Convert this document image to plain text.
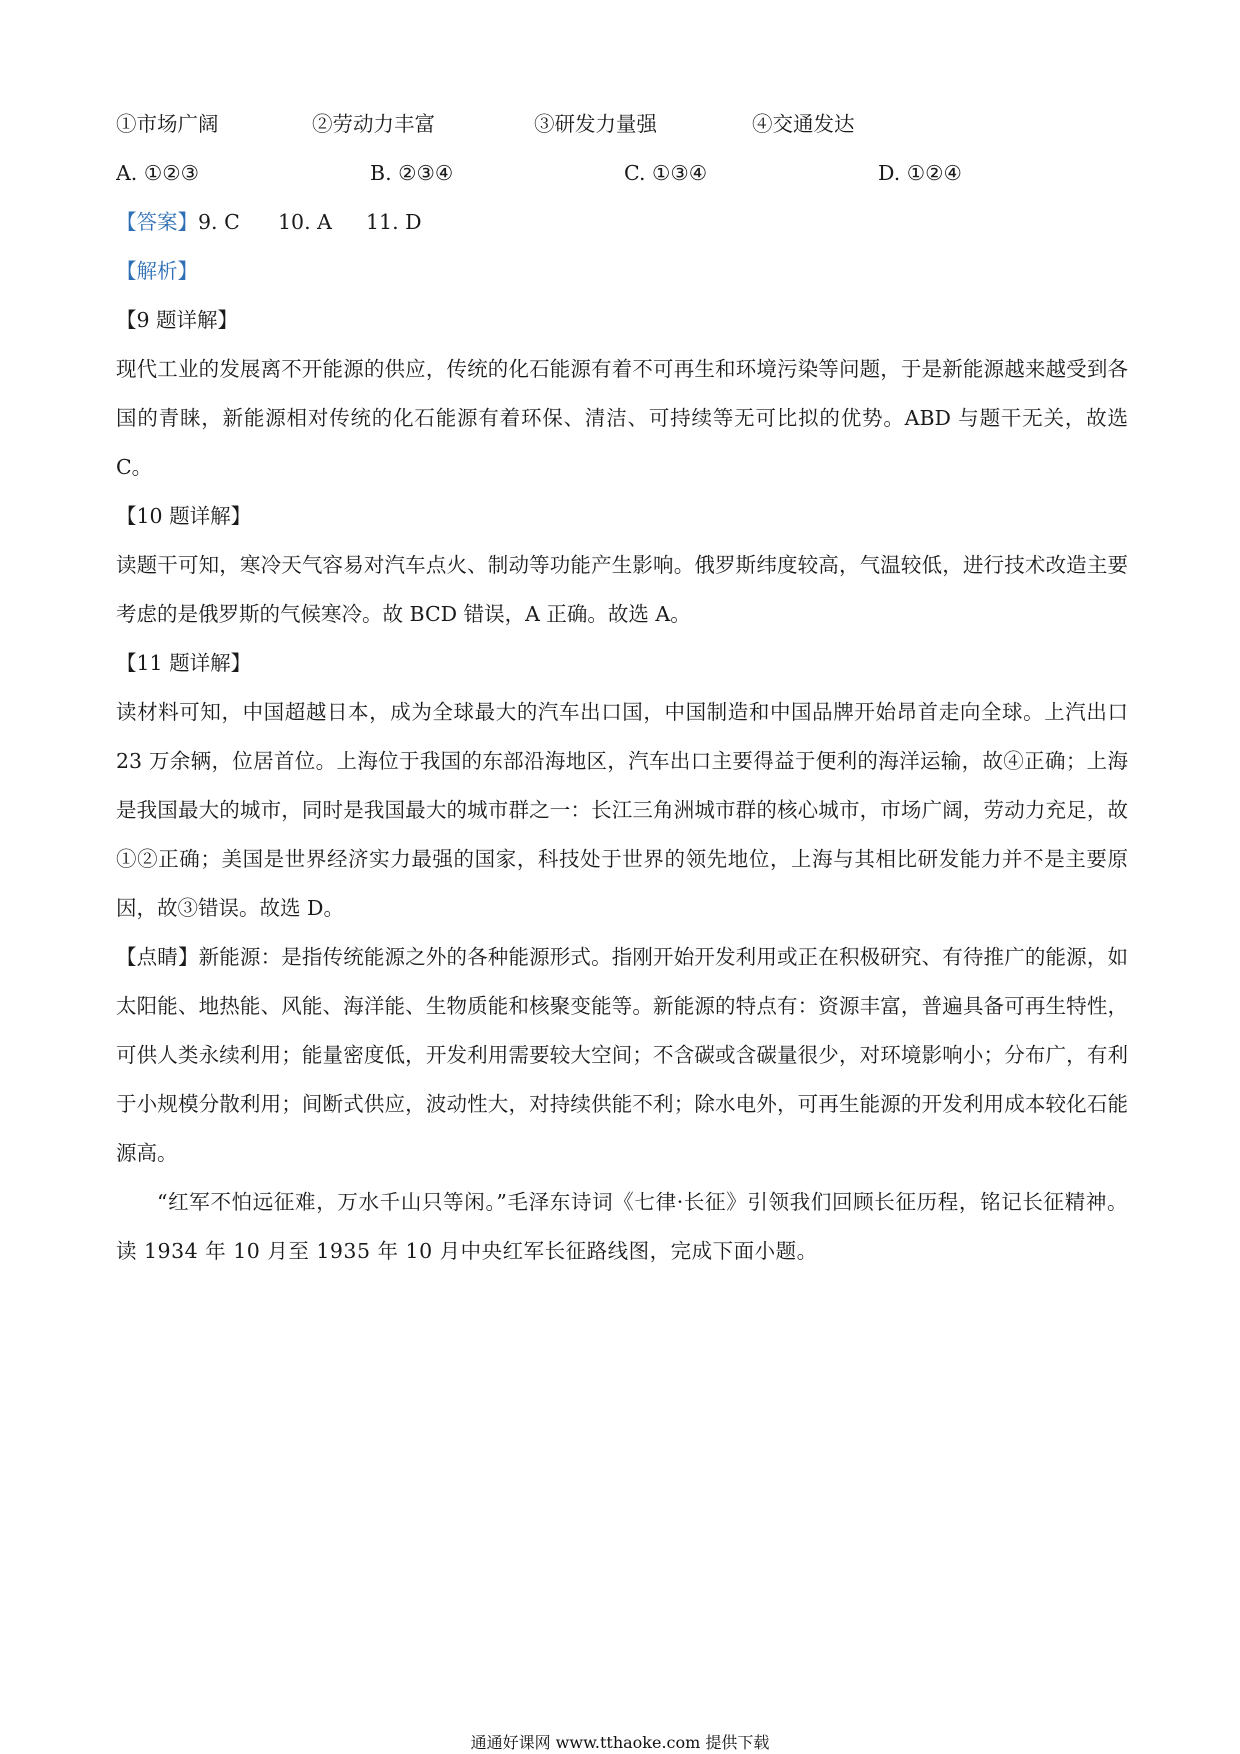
①市场广阔	②劳动力丰富	③研发力量强	④交通发达
A. ①②③	B. ②③④	C. ①③④	D. ①②④
【答案】9. C 10. A 11. D
【解析】
【9 题详解】

现代工业的发展离不开能源的供应，传统的化石能源有着不可再生和环境污染等问题，于是新能源越来越受到各国的青睐，新能源相对传统的化石能源有着环保、清洁、可持续等无可比拟的优势。ABD 与题干无关，故选 C。

【10 题详解】

读题干可知，寒冷天气容易对汽车点火、制动等功能产生影响。俄罗斯纬度较高，气温较低，进行技术改造主要考虑的是俄罗斯的气候寒冷。故 BCD 错误，A 正确。故选 A。

【11 题详解】

读材料可知，中国超越日本，成为全球最大的汽车出口国，中国制造和中国品牌开始昂首走向全球。上汽出口 23 万余辆，位居首位。上海位于我国的东部沿海地区，汽车出口主要得益于便利的海洋运输，故④正确；上海是我国最大的城市，同时是我国最大的城市群之一：长江三角洲城市群的核心城市，市场广阔，劳动力充足，故①②正确；美国是世界经济实力最强的国家，科技处于世界的领先地位，上海与其相比研发能力并不是主要原因，故③错误。故选 D。

【点睛】新能源：是指传统能源之外的各种能源形式。指刚开始开发利用或正在积极研究、有待推广的能源，如太阳能、地热能、风能、海洋能、生物质能和核聚变能等。新能源的特点有：资源丰富，普遍具备可再生特性，可供人类永续利用；能量密度低，开发利用需要较大空间；不含碳或含碳量很少，对环境影响小；分布广，有利于小规模分散利用；间断式供应，波动性大，对持续供能不利；除水电外，可再生能源的开发利用成本较化石能源高。

“红军不怕远征难，万水千山只等闲。”毛泽东诗词《七律·长征》引领我们回顾长征历程，铭记长征精神。读 1934 年 10 月至 1935 年 10 月中央红军长征路线图，完成下面小题。

通通好课网 www.tthaoke.com 提供下载
